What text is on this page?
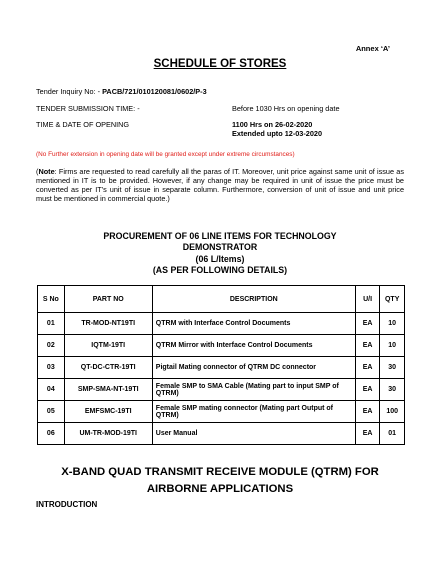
Annex ‘A’
SCHEDULE OF STORES
Tender Inquiry No: - PACB/721/010120081/0602/P-3
TENDER SUBMISSION TIME: -	Before 1030 Hrs on opening date
TIME & DATE OF OPENING	1100 Hrs on 26-02-2020
Extended upto 12-03-2020
(No Further extension in opening date will be granted except under extreme circumstances)
(Note: Firms are requested to read carefully all the paras of IT. Moreover, unit price against same unit of issue as mentioned in IT is to be provided. However, if any change may be required in unit of issue the price must be converted as per IT’s unit of issue in separate column. Furthermore, conversion of unit of issue and unit price must be mentioned in commercial quote.)
PROCUREMENT OF 06 LINE ITEMS FOR TECHNOLOGY
DEMONSTRATOR
(06 L/Items)
(AS PER FOLLOWING DETAILS)
S No	PART NO	DESCRIPTION	U/I	QTY
01	TR-MOD-NT19TI	QTRM with Interface Control Documents	EA	10
02	IQTM-19TI	QTRM Mirror with Interface Control Documents	EA	10
03	QT-DC-CTR-19TI	Pigtail Mating connector of QTRM DC connector	EA	30
04	SMP-SMA-NT-19TI	Female SMP to SMA Cable (Mating part to input SMP of QTRM)	EA	30
05	EMFSMC-19TI	Female SMP mating connector (Mating part Output of QTRM)	EA	100
06	UM-TR-MOD-19TI	User Manual	EA	01
X-BAND QUAD TRANSMIT RECEIVE MODULE (QTRM) FOR
AIRBORNE APPLICATIONS
INTRODUCTION
